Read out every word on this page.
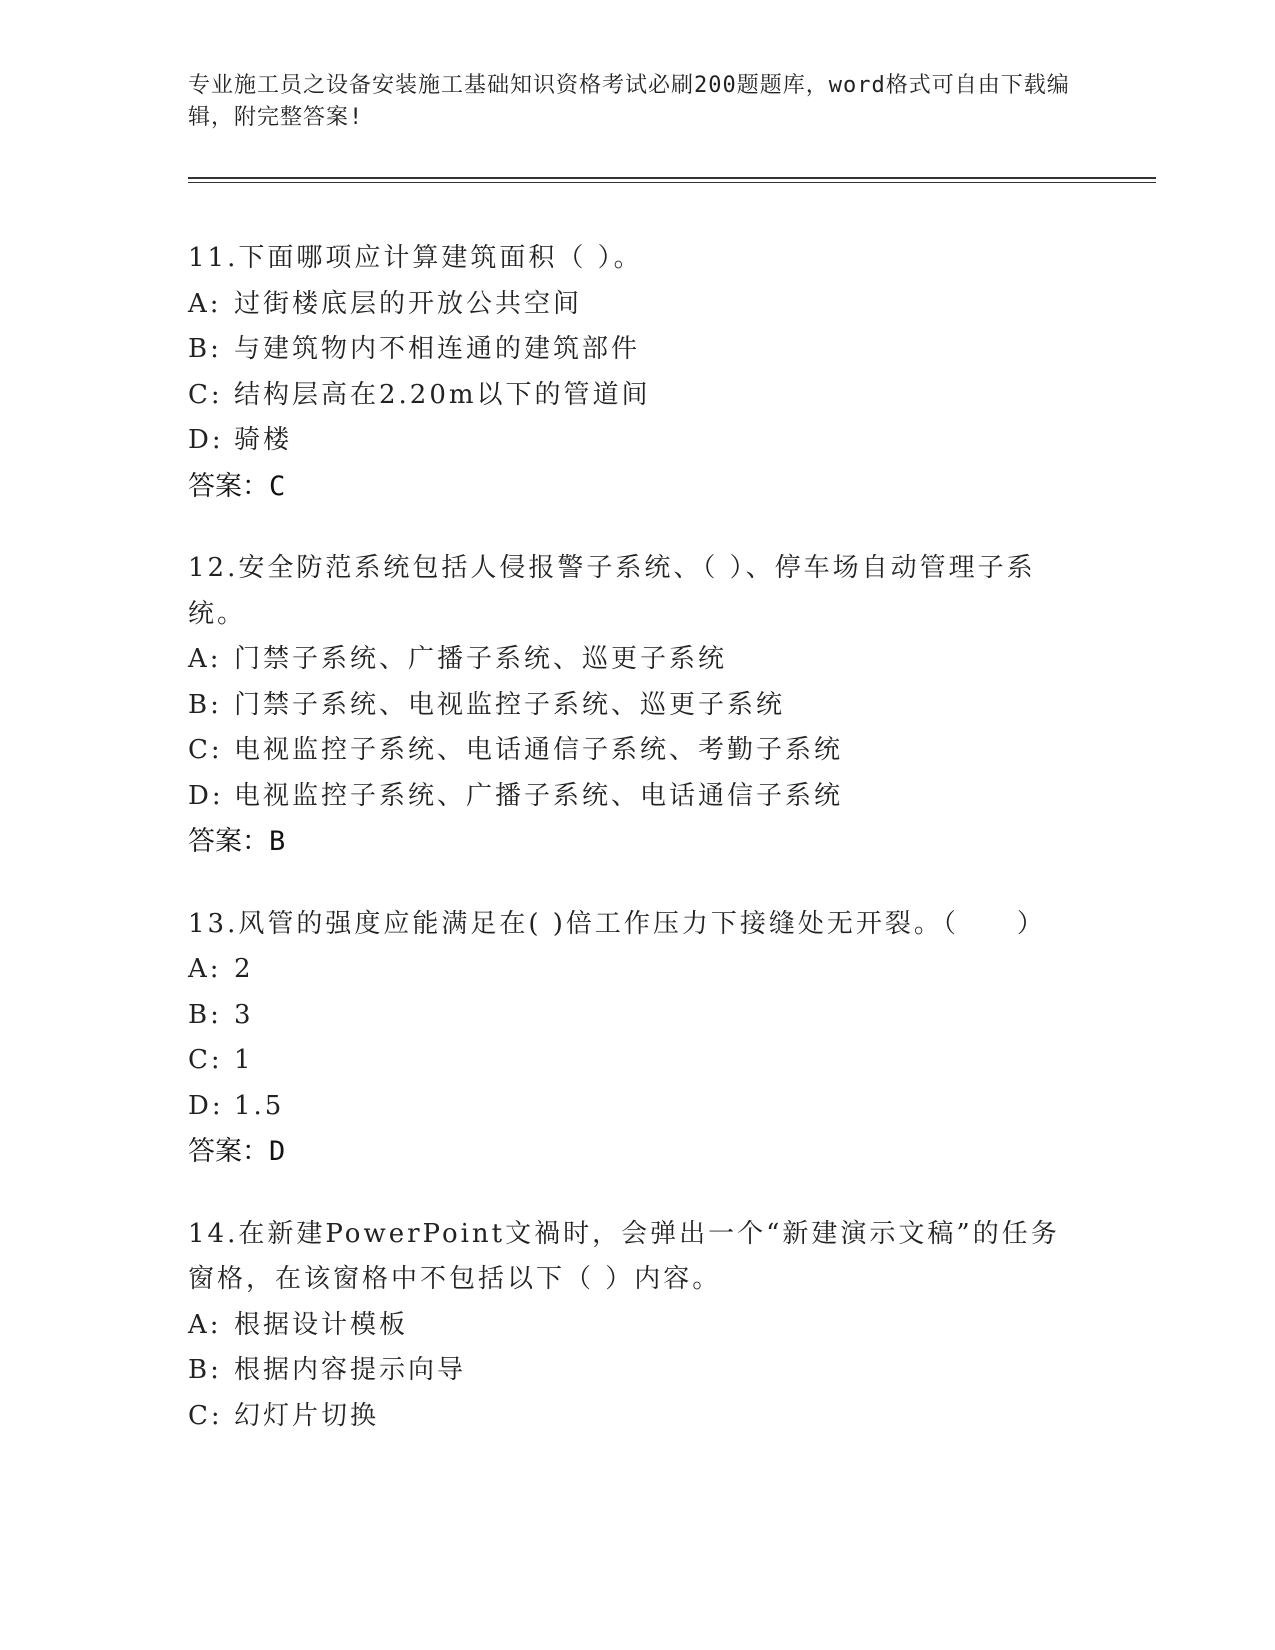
专业施工员之设备安装施工基础知识资格考试必刷200题题库，word格式可自由下载编辑，附完整答案!

11.下面哪项应计算建筑面积（ ）。

A: 过街楼底层的开放公共空间

B: 与建筑物内不相连通的建筑部件

C: 结构层高在2.20m以下的管道间

D: 骑楼

答案：C

12.安全防范系统包括人侵报警子系统、（ ）、停车场自动管理子系统。

A: 门禁子系统、广播子系统、巡更子系统

B: 门禁子系统、电视监控子系统、巡更子系统

C: 电视监控子系统、电话通信子系统、考勤子系统

D: 电视监控子系统、广播子系统、电话通信子系统

答案：B

13.风管的强度应能满足在( )倍工作压力下接缝处无开裂。（　　）

A: 2

B: 3

C: 1

D: 1.5

答案：D

14.在新建PowerPoint文禍时，会弹出一个“新建演示文稿”的任务窗格，在该窗格中不包括以下（ ）内容。

A: 根据设计模板

B: 根据内容提示向导

C: 幻灯片切换
